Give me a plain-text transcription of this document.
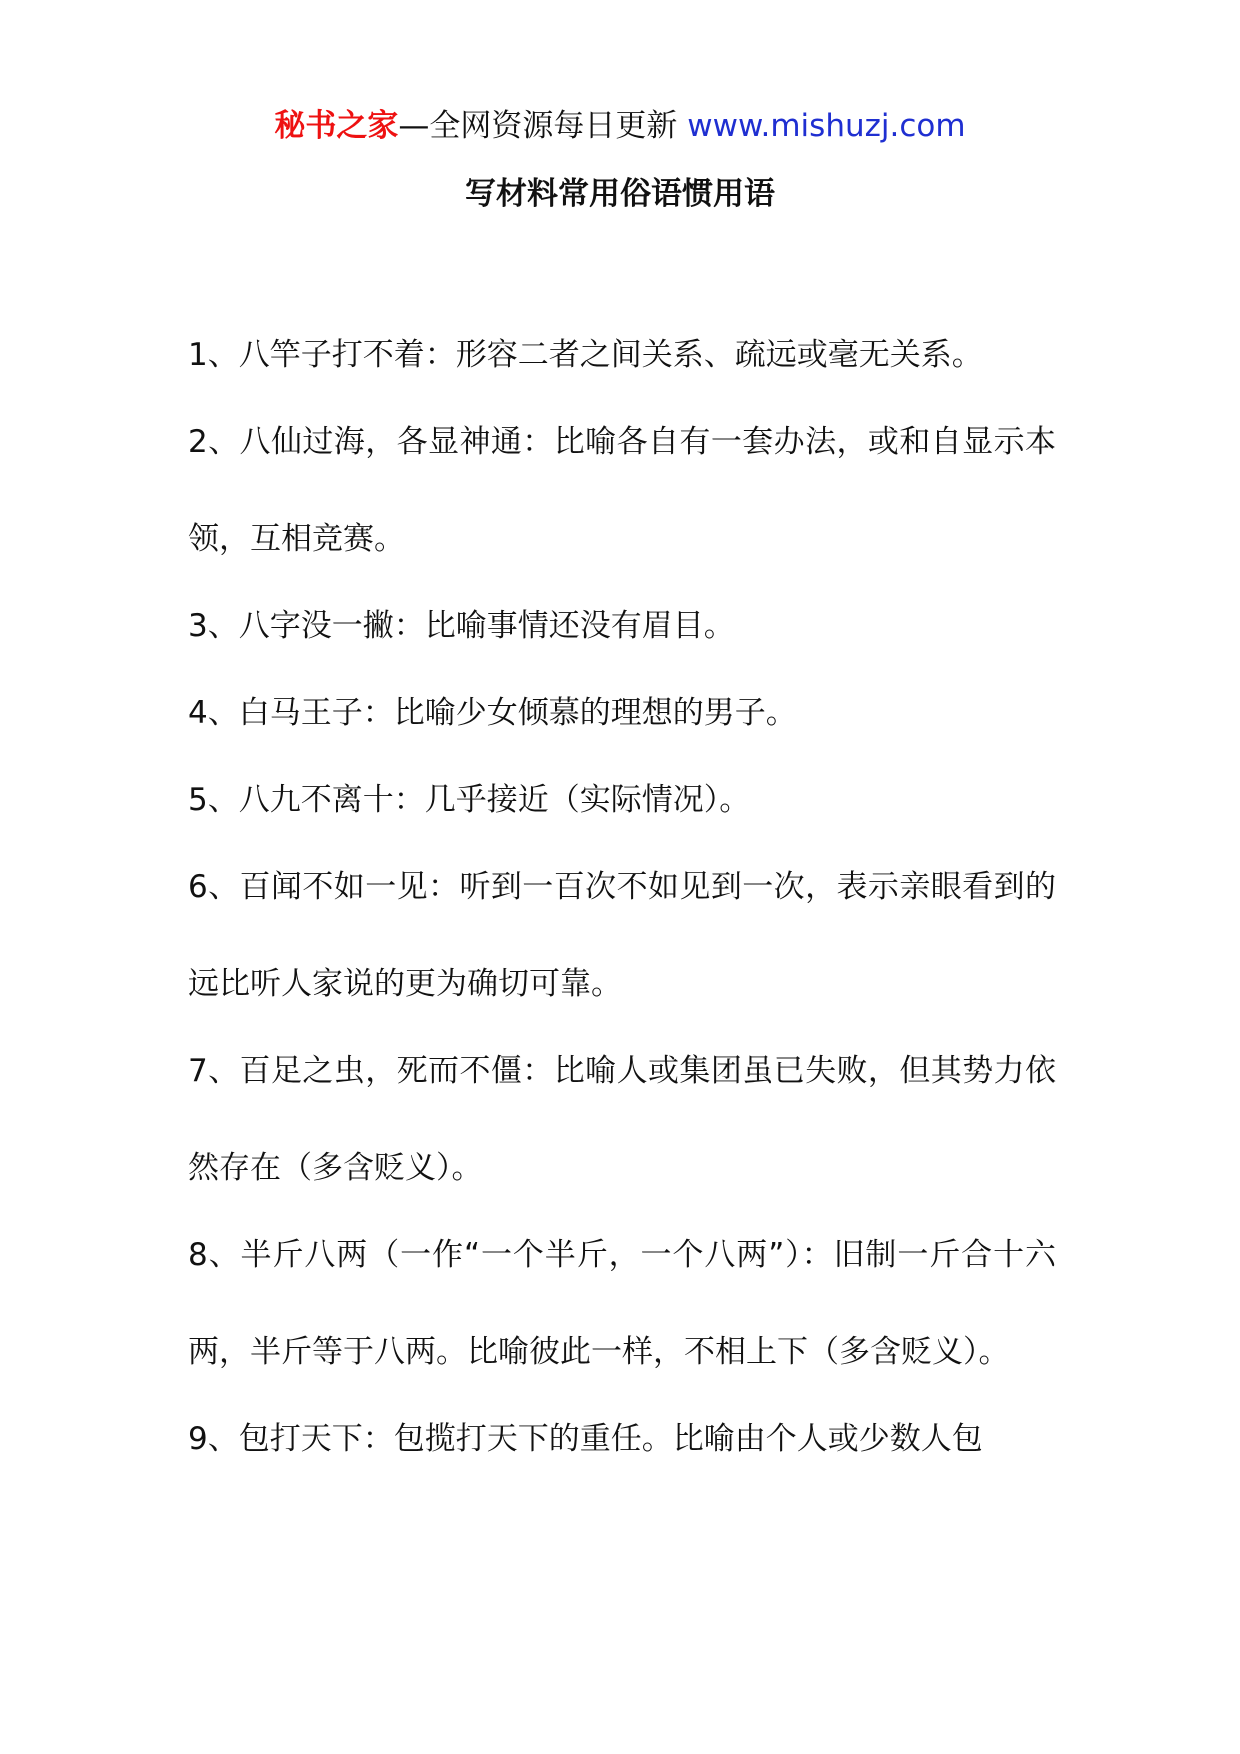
秘书之家—全网资源每日更新 www.mishuzj.com
写材料常用俗语惯用语
1、八竿子打不着：形容二者之间关系、疏远或毫无关系。
2、八仙过海，各显神通：比喻各自有一套办法，或和自显示本领，互相竞赛。
3、八字没一撇：比喻事情还没有眉目。
4、白马王子：比喻少女倾慕的理想的男子。
5、八九不离十：几乎接近（实际情况）。
6、百闻不如一见：听到一百次不如见到一次，表示亲眼看到的远比听人家说的更为确切可靠。
7、百足之虫，死而不僵：比喻人或集团虽已失败，但其势力依然存在（多含贬义）。
8、半斤八两（一作“一个半斤，一个八两”）：旧制一斤合十六两，半斤等于八两。比喻彼此一样，不相上下（多含贬义）。
9、包打天下：包揽打天下的重任。比喻由个人或少数人包
